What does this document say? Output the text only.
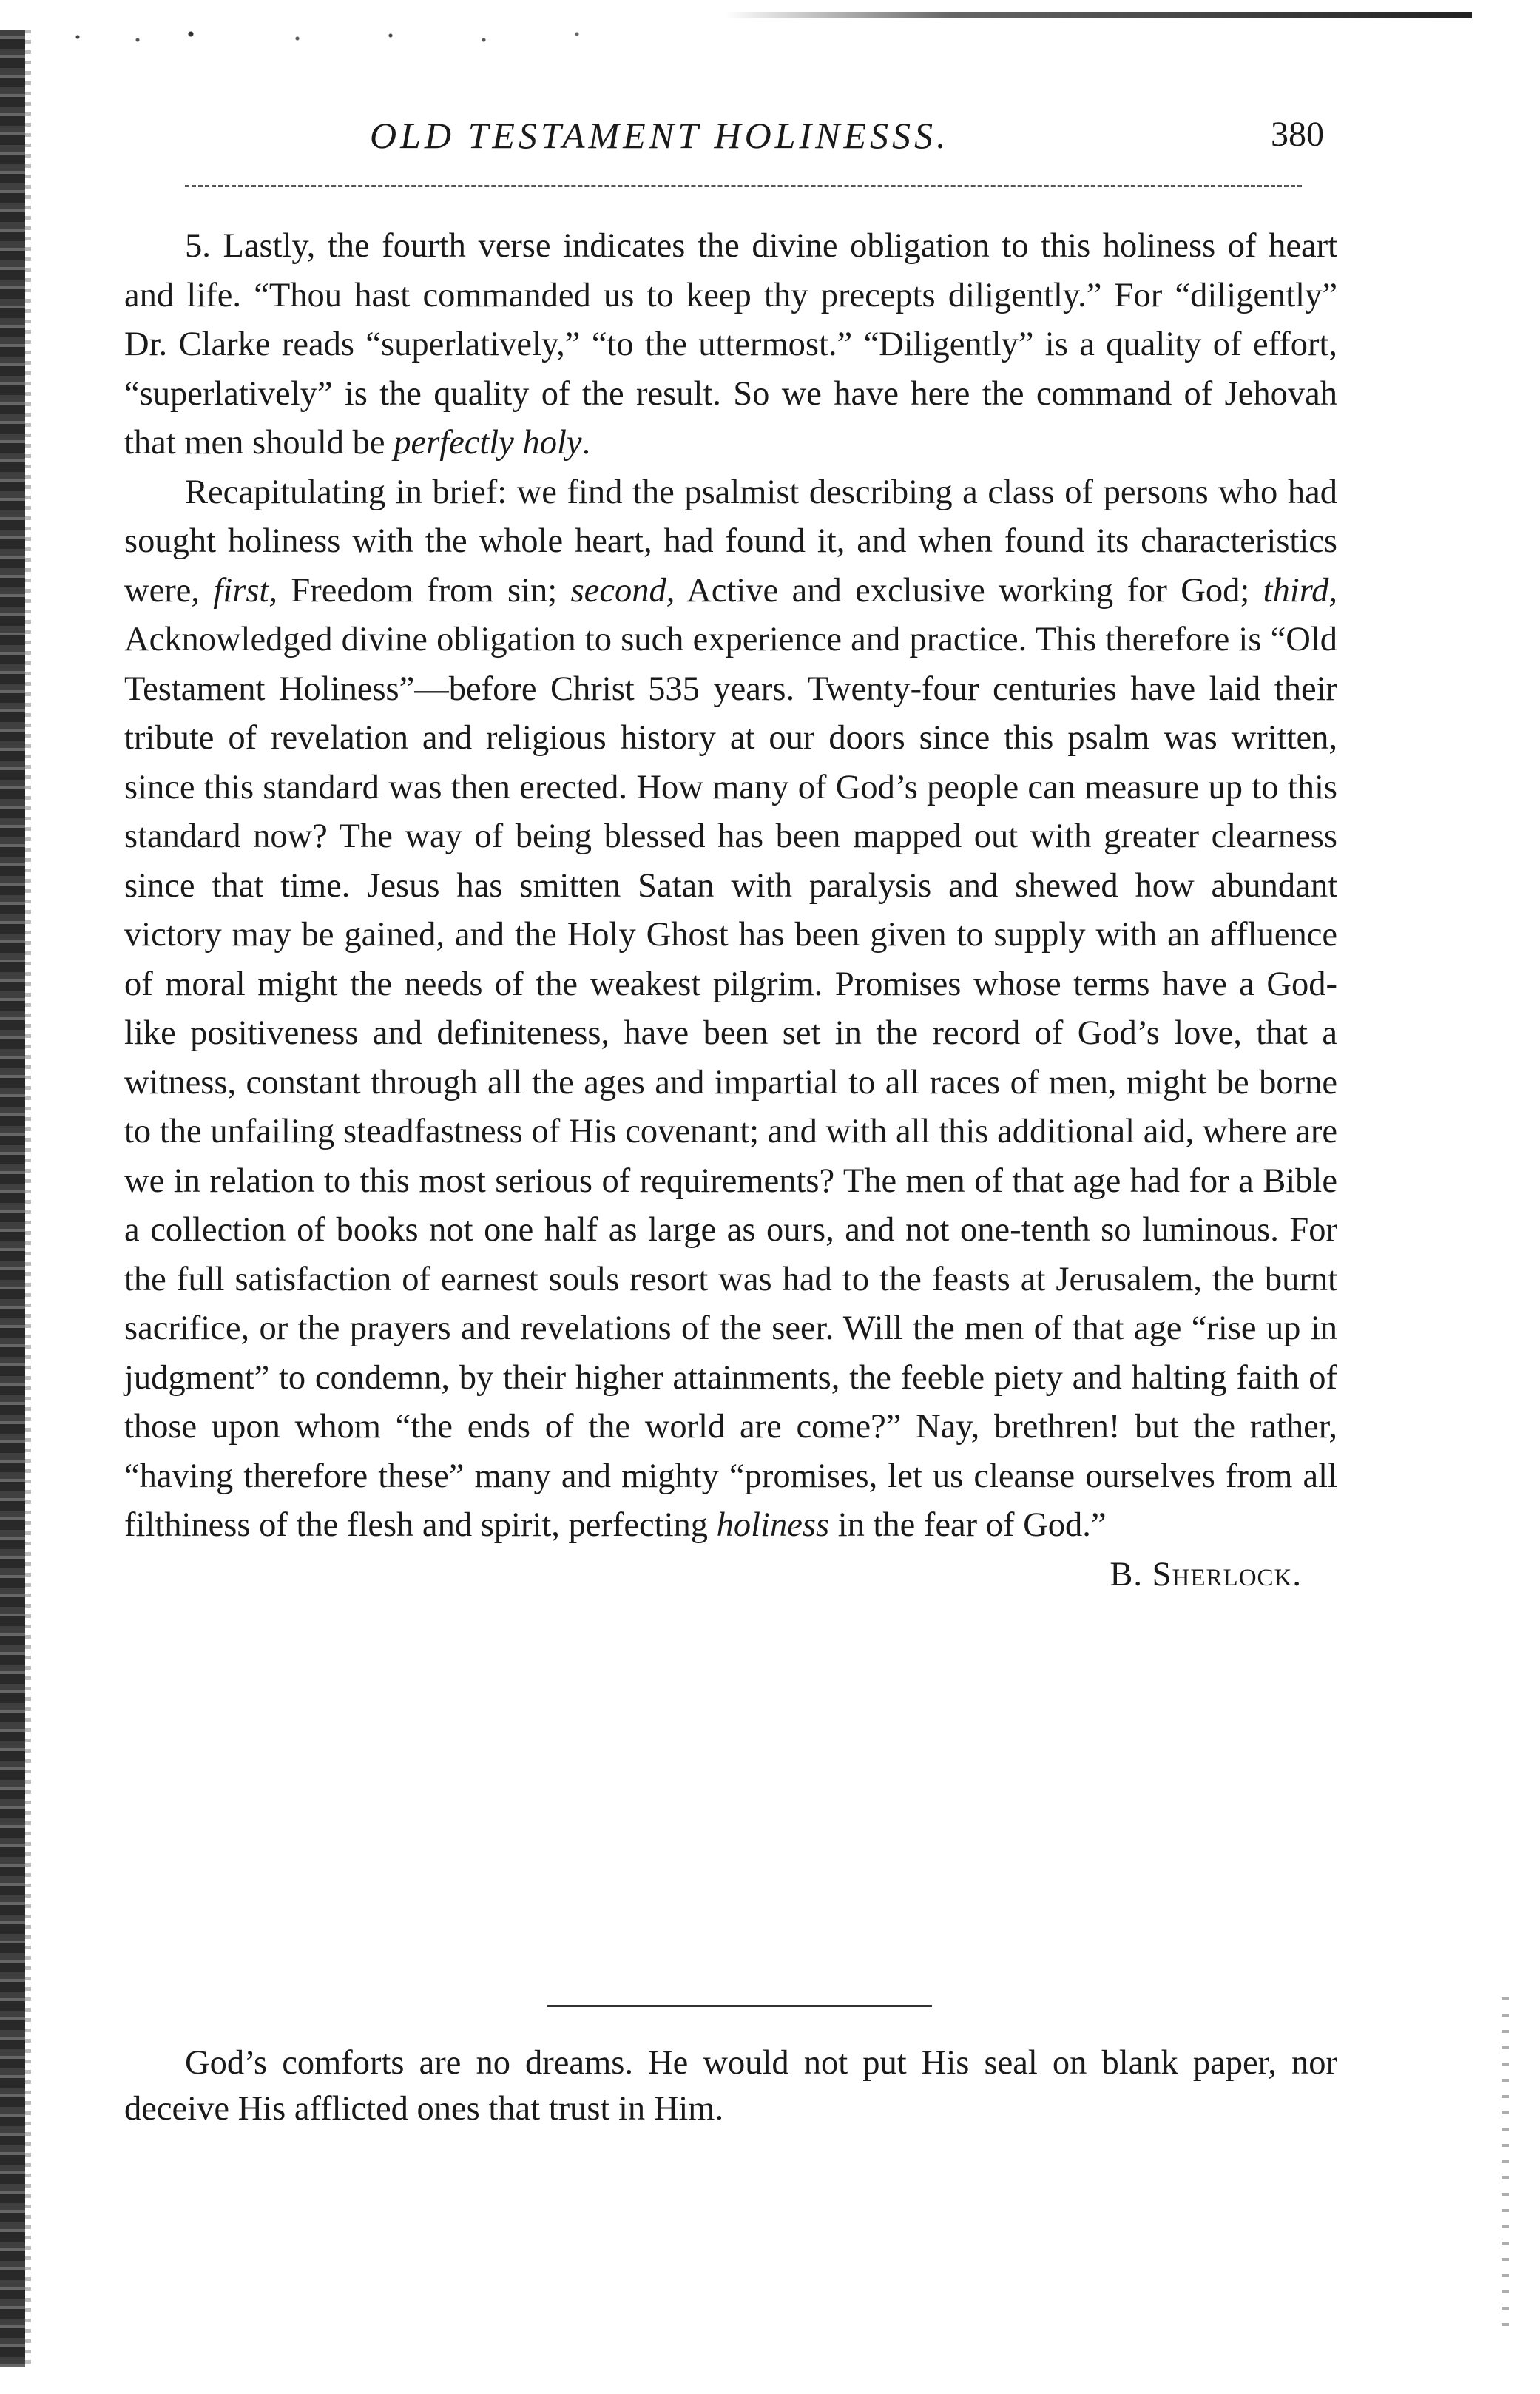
OLD TESTAMENT HOLINESSS.	380

5. Lastly, the fourth verse indicates the divine obligation to this holiness of heart and life. “Thou hast commanded us to keep thy precepts diligently.” For “diligently” Dr. Clarke reads “superlatively,” “to the uttermost.” “Diligently” is a quality of effort, “superlatively” is the quality of the result. So we have here the command of Jehovah that men should be perfectly holy.

Recapitulating in brief: we find the psalmist describing a class of persons who had sought holiness with the whole heart, had found it, and when found its characteristics were, first, Freedom from sin; second, Active and exclusive working for God; third, Acknowledged divine obligation to such experience and practice. This therefore is “Old Testament Holiness”—before Christ 535 years. Twenty-four centuries have laid their tribute of revelation and religious history at our doors since this psalm was written, since this standard was then erected. How many of God’s people can measure up to this standard now? The way of being blessed has been mapped out with greater clearness since that time. Jesus has smitten Satan with paralysis and shewed how abundant victory may be gained, and the Holy Ghost has been given to supply with an affluence of moral might the needs of the weakest pilgrim. Promises whose terms have a God-like positiveness and definiteness, have been set in the record of God’s love, that a witness, constant through all the ages and impartial to all races of men, might be borne to the unfailing steadfastness of His covenant; and with all this additional aid, where are we in relation to this most serious of requirements? The men of that age had for a Bible a collection of books not one half as large as ours, and not one-tenth so luminous. For the full satisfaction of earnest souls resort was had to the feasts at Jerusalem, the burnt sacrifice, or the prayers and revelations of the seer. Will the men of that age “rise up in judgment” to condemn, by their higher attainments, the feeble piety and halting faith of those upon whom “the ends of the world are come?” Nay, brethren! but the rather, “having therefore these” many and mighty “promises, let us cleanse ourselves from all filthiness of the flesh and spirit, perfecting holiness in the fear of God.”
B. Sherlock.

God’s comforts are no dreams. He would not put His seal on blank paper, nor deceive His afflicted ones that trust in Him.
